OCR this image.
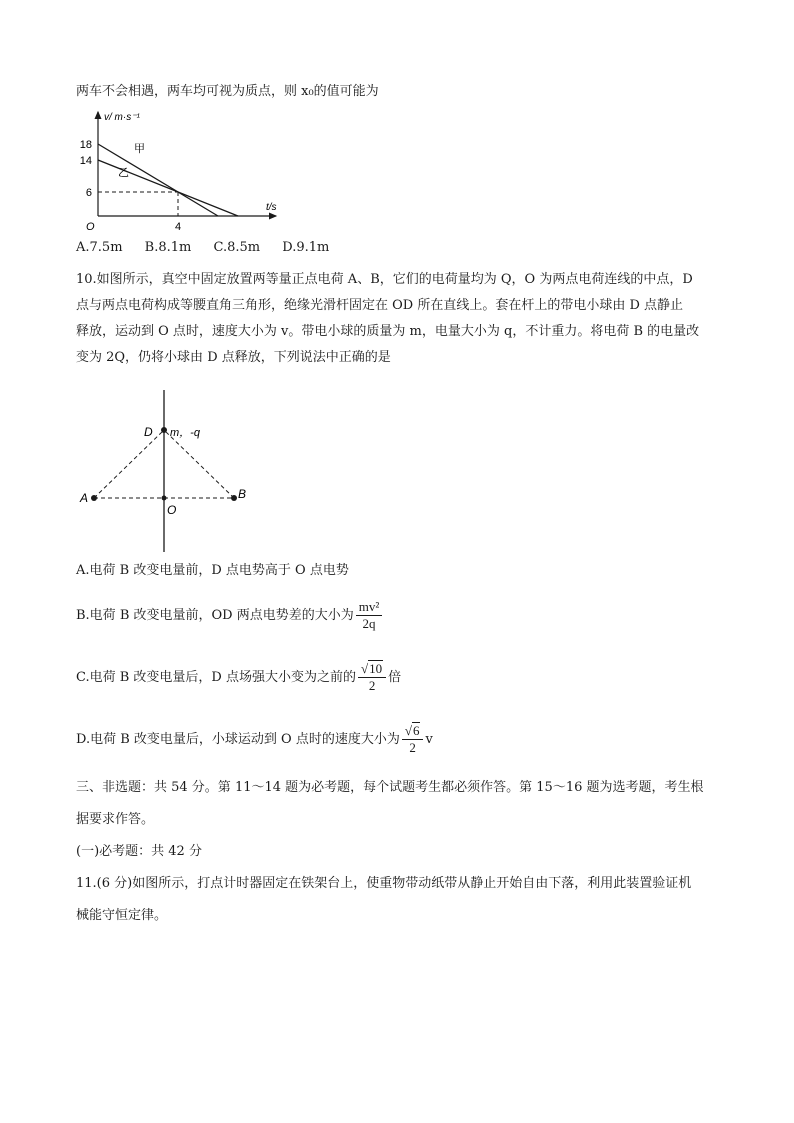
两车不会相遇，两车均可视为质点，则 x₀的值可能为
18
14
6
4
O
v/ m·s⁻¹
t/s
甲
乙
A.7.5m B.8.1m C.8.5m D.9.1m
10.如图所示，真空中固定放置两等量正点电荷 A、B，它们的电荷量均为 Q，O 为两点电荷连线的中点，D
点与两点电荷构成等腰直角三角形，绝缘光滑杆固定在 OD 所在直线上。套在杆上的带电小球由 D 点静止
释放，运动到 O 点时，速度大小为 v。带电小球的质量为 m，电量大小为 q，不计重力。将电荷 B 的电量改
变为 2Q，仍将小球由 D 点释放，下列说法中正确的是
D m，-q
A	B
O
A.电荷 B 改变电量前，D 点电势高于 O 点电势
B.电荷 B 改变电量前，OD 两点电势差的大小为 $\frac{\text{mv²}}{2q}$
C.电荷 B 改变电量后，D 点场强大小变为之前的 $\frac{√10}{2}$ 倍
D.电荷 B 改变电量后，小球运动到 O 点时的速度大小为 $\frac{√6}{2}$ v
三、非选题：共 54 分。第 11～14 题为必考题，每个试题考生都必须作答。第 15～16 题为选考题，考生根
据要求作答。
(一)必考题：共 42 分
11.(6 分)如图所示，打点计时器固定在铁架台上，使重物带动纸带从静止开始自由下落，利用此装置验证机
械能守恒定律。
